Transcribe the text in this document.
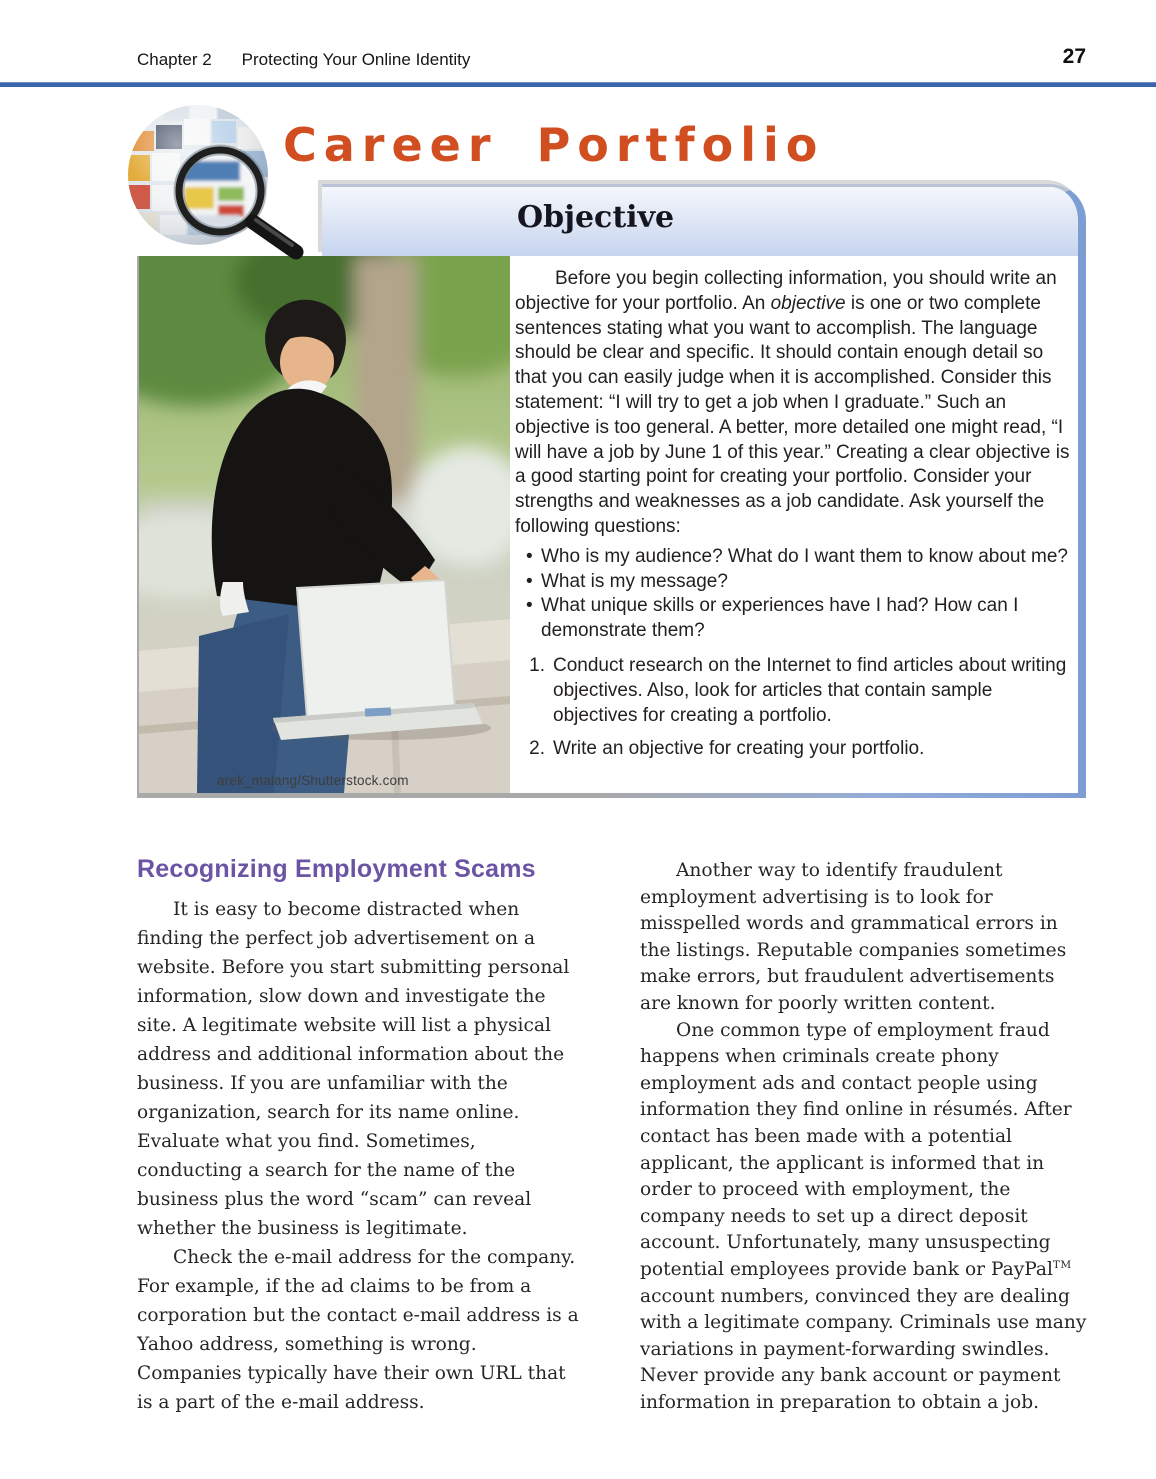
Chapter 2 Protecting Your Online Identity	27
Career Portfolio
Objective
arek_malang/Shutterstock.com

Before you begin collecting information, you should write an objective for your portfolio. An objective is one or two complete sentences stating what you want to accomplish. The language should be clear and specific. It should contain enough detail so that you can easily judge when it is accomplished. Consider this statement: “I will try to get a job when I graduate.” Such an objective is too general. A better, more detailed one might read, “I will have a job by June 1 of this year.” Creating a clear objective is a good starting point for creating your portfolio. Consider your strengths and weaknesses as a job candidate. Ask yourself the following questions:

• Who is my audience? What do I want them to know about me?
• What is my message?
• What unique skills or experiences have I had? How can I demonstrate them?
Conduct research on the Internet to find articles about writing objectives. Also, look for articles that contain sample objectives for creating a portfolio.
Write an objective for creating your portfolio.
Recognizing Employment Scams

It is easy to become distracted when finding the perfect job advertisement on a website. Before you start submitting personal information, slow down and investigate the site. A legitimate website will list a physical address and additional information about the business. If you are unfamiliar with the organization, search for its name online. Evaluate what you find. Sometimes, conducting a search for the name of the business plus the word “scam” can reveal whether the business is legitimate.

Check the e-mail address for the company. For example, if the ad claims to be from a corporation but the contact e-mail address is a Yahoo address, something is wrong. Companies typically have their own URL that is a part of the e-mail address.

Another way to identify fraudulent employment advertising is to look for misspelled words and grammatical errors in the listings. Reputable companies sometimes make errors, but fraudulent advertisements are known for poorly written content.

One common type of employment fraud happens when criminals create phony employment ads and contact people using information they find online in résumés. After contact has been made with a potential applicant, the applicant is informed that in order to proceed with employment, the company needs to set up a direct deposit account. Unfortunately, many unsuspecting potential employees provide bank or PayPal™ account numbers, convinced they are dealing with a legitimate company. Criminals use many variations in payment-forwarding swindles. Never provide any bank account or payment information in preparation to obtain a job.
